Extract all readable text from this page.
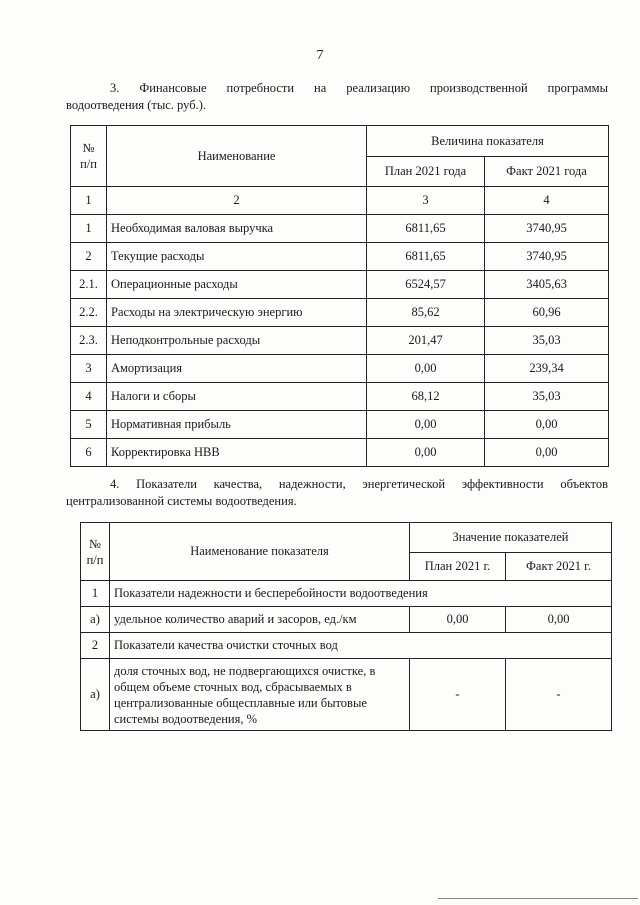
7
3. Финансовые потребности на реализацию производственной программы
водоотведения (тыс. руб.).
№
п/п	Наименование	Величина показателя	
		План 2021 года	Факт 2021 года
1	2	3	4
1	Необходимая валовая выручка	6811,65	3740,95
2	Текущие расходы	6811,65	3740,95
2.1.	Операционные расходы	6524,57	3405,63
2.2.	Расходы на электрическую энергию	85,62	60,96
2.3.	Неподконтрольные расходы	201,47	35,03
3	Амортизация	0,00	239,34
4	Налоги и сборы	68,12	35,03
5	Нормативная прибыль	0,00	0,00
6	Корректировка НВВ	0,00	0,00
4. Показатели качества, надежности, энергетической эффективности объектов
централизованной системы водоотведения.
№
п/п	Наименование показателя	Значение показателей	
		План 2021 г.	Факт 2021 г.
1	Показатели надежности и бесперебойности водоотведения		
а)	удельное количество аварий и засоров, ед./км	0,00	0,00
2	Показатели качества очистки сточных вод		
а)	доля сточных вод, не подвергающихся очистке, в общем объеме сточных вод, сбрасываемых в централизованные общесплавные или бытовые системы водоотведения, %	-	-
